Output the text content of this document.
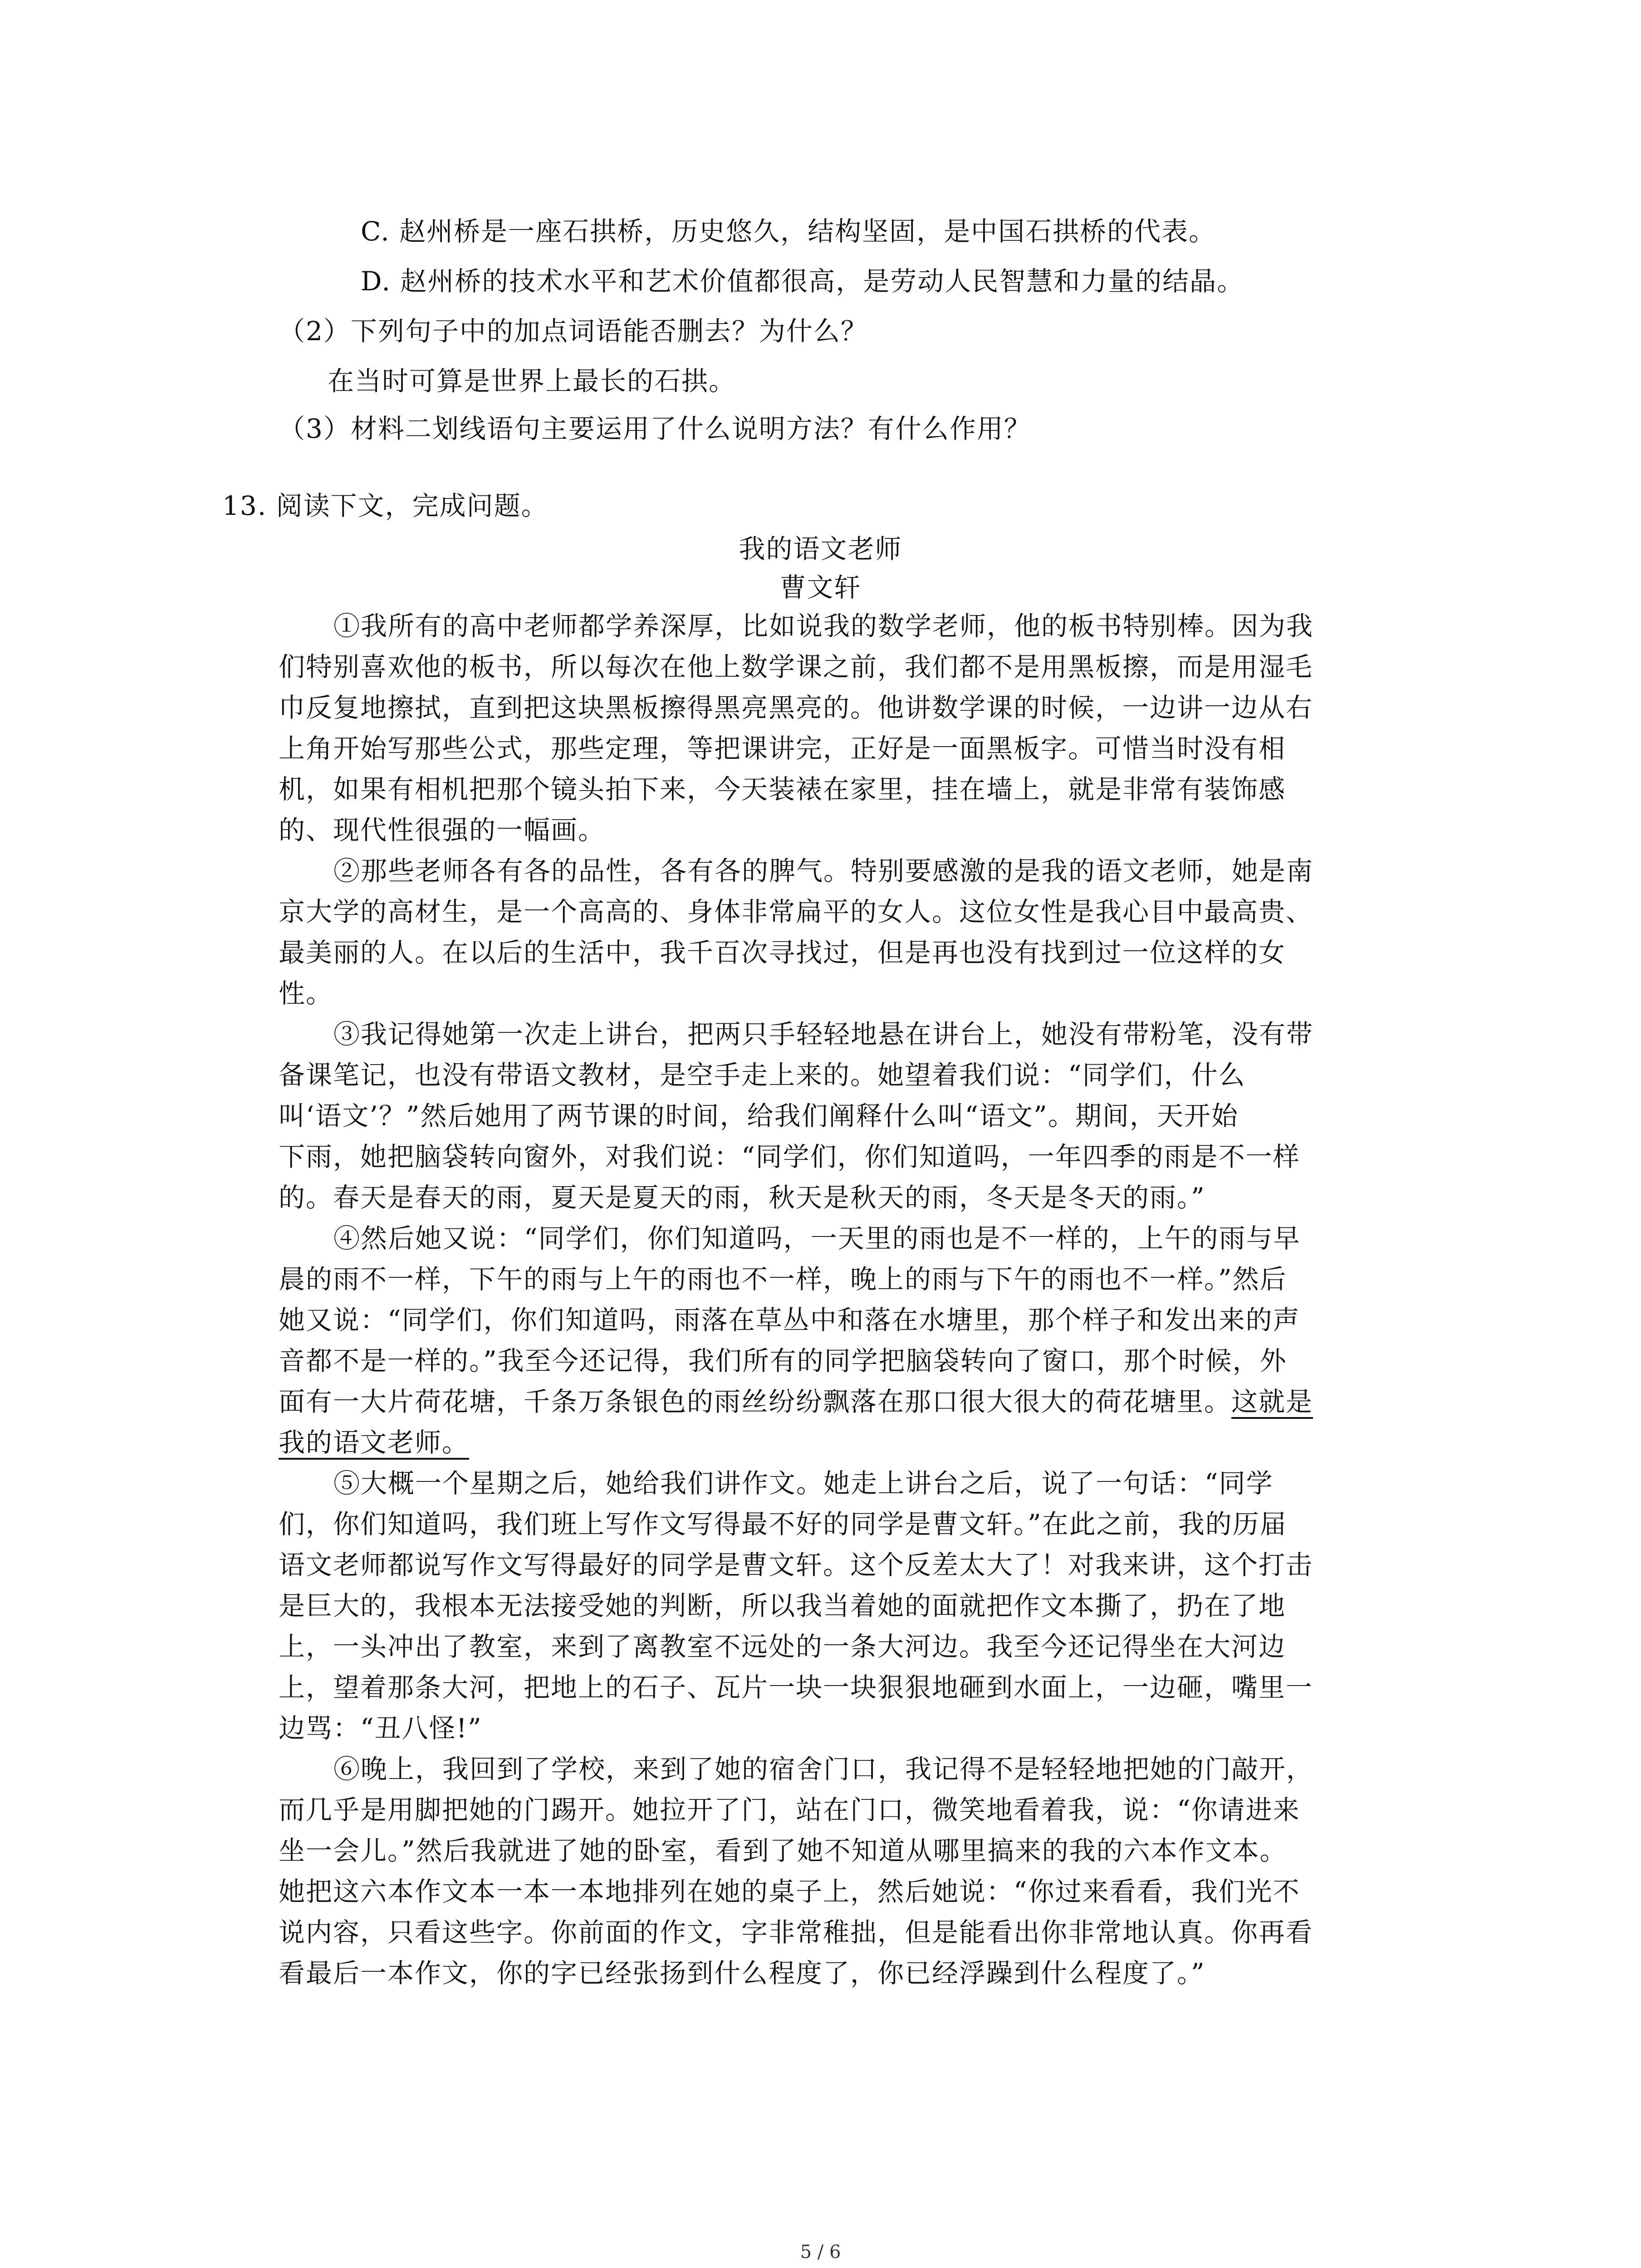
C. 赵州桥是一座石拱桥，历史悠久，结构坚固，是中国石拱桥的代表。
D. 赵州桥的技术水平和艺术价值都很高，是劳动人民智慧和力量的结晶。
（2）下列句子中的加点词语能否删去？为什么？
在当时可算是世界上最长的石拱。
（3）材料二划线语句主要运用了什么说明方法？有什么作用？
13. 阅读下文，完成问题。
我的语文老师
曹文轩
①我所有的高中老师都学养深厚，比如说我的数学老师，他的板书特别棒。因为我
们特别喜欢他的板书，所以每次在他上数学课之前，我们都不是用黑板擦，而是用湿毛
巾反复地擦拭，直到把这块黑板擦得黑亮黑亮的。他讲数学课的时候，一边讲一边从右
上角开始写那些公式，那些定理，等把课讲完，正好是一面黑板字。可惜当时没有相
机，如果有相机把那个镜头拍下来，今天装裱在家里，挂在墙上，就是非常有装饰感
的、现代性很强的一幅画。
②那些老师各有各的品性，各有各的脾气。特别要感激的是我的语文老师，她是南
京大学的高材生，是一个高高的、身体非常扁平的女人。这位女性是我心目中最高贵、
最美丽的人。在以后的生活中，我千百次寻找过，但是再也没有找到过一位这样的女
性。
③我记得她第一次走上讲台，把两只手轻轻地悬在讲台上，她没有带粉笔，没有带
备课笔记，也没有带语文教材，是空手走上来的。她望着我们说：“同学们，什么
叫‘语文’？”然后她用了两节课的时间，给我们阐释什么叫“语文”。期间，天开始
下雨，她把脑袋转向窗外，对我们说：“同学们，你们知道吗，一年四季的雨是不一样
的。春天是春天的雨，夏天是夏天的雨，秋天是秋天的雨，冬天是冬天的雨。”
④然后她又说：“同学们，你们知道吗，一天里的雨也是不一样的，上午的雨与早
晨的雨不一样，下午的雨与上午的雨也不一样，晚上的雨与下午的雨也不一样。”然后
她又说：“同学们，你们知道吗，雨落在草丛中和落在水塘里，那个样子和发出来的声
音都不是一样的。”我至今还记得，我们所有的同学把脑袋转向了窗口，那个时候，外
面有一大片荷花塘，千条万条银色的雨丝纷纷飘落在那口很大很大的荷花塘里。这就是
我的语文老师。
⑤大概一个星期之后，她给我们讲作文。她走上讲台之后，说了一句话：“同学
们，你们知道吗，我们班上写作文写得最不好的同学是曹文轩。”在此之前，我的历届
语文老师都说写作文写得最好的同学是曹文轩。这个反差太大了！对我来讲，这个打击
是巨大的，我根本无法接受她的判断，所以我当着她的面就把作文本撕了，扔在了地
上，一头冲出了教室，来到了离教室不远处的一条大河边。我至今还记得坐在大河边
上，望着那条大河，把地上的石子、瓦片一块一块狠狠地砸到水面上，一边砸，嘴里一
边骂：“丑八怪!”
⑥晚上，我回到了学校，来到了她的宿舍门口，我记得不是轻轻地把她的门敲开，
而几乎是用脚把她的门踢开。她拉开了门，站在门口，微笑地看着我，说：“你请进来
坐一会儿。”然后我就进了她的卧室，看到了她不知道从哪里搞来的我的六本作文本。
她把这六本作文本一本一本地排列在她的桌子上，然后她说：“你过来看看，我们光不
说内容，只看这些字。你前面的作文，字非常稚拙，但是能看出你非常地认真。你再看
看最后一本作文，你的字已经张扬到什么程度了，你已经浮躁到什么程度了。”
5 / 6
